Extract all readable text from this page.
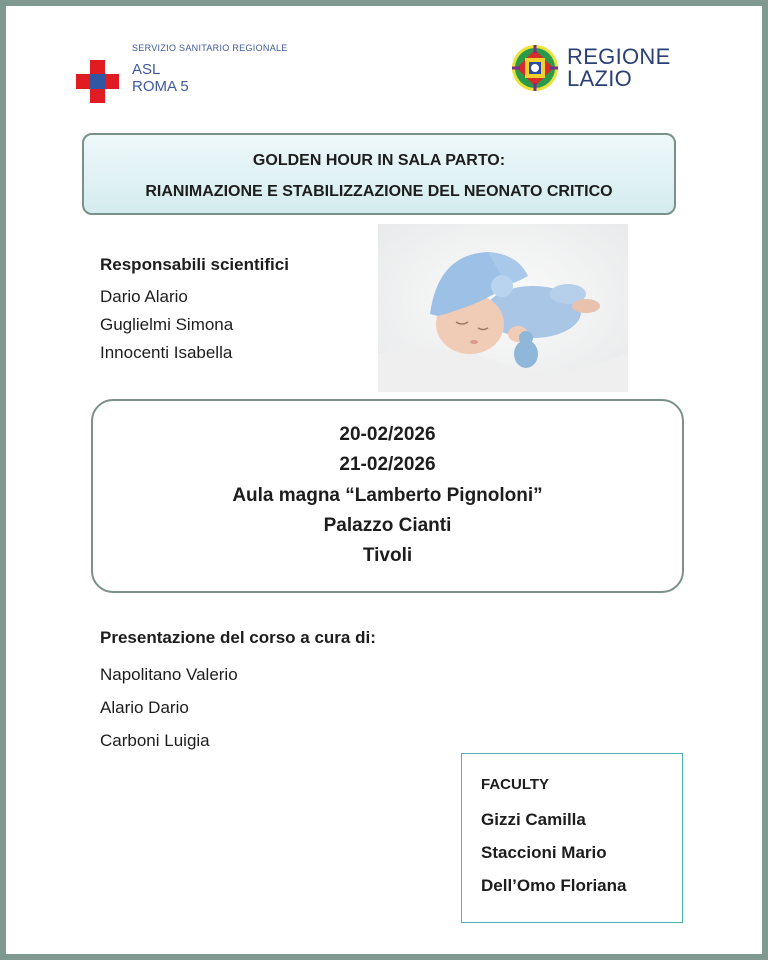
SERVIZIO SANITARIO REGIONALE
ASL
ROMA 5
REGIONE
LAZIO
GOLDEN HOUR IN SALA PARTO:
RIANIMAZIONE E STABILIZZAZIONE DEL NEONATO CRITICO
Responsabili scientifici
Dario Alario
Guglielmi Simona
Innocenti Isabella
20-02/2026
21-02/2026
Aula magna “Lamberto Pignoloni”
Palazzo Cianti
Tivoli
Presentazione del corso a cura di:
Napolitano Valerio
Alario Dario
Carboni Luigia
FACULTY
Gizzi Camilla
Staccioni Mario
Dell’Omo Floriana
